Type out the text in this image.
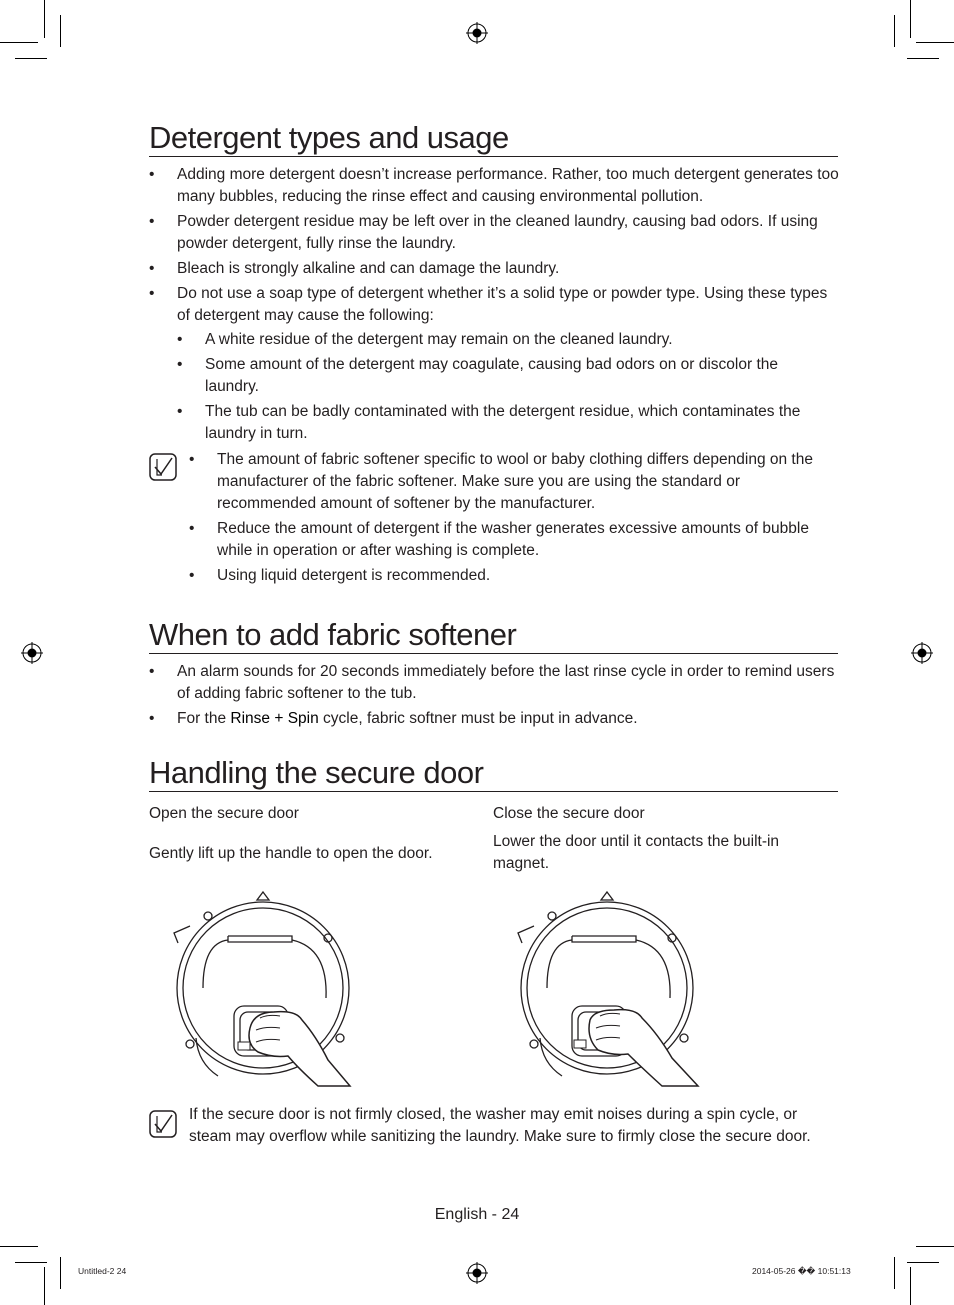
Detergent types and usage
• Adding more detergent doesn’t increase performance. Rather, too much detergent generates too many bubbles, reducing the rinse effect and causing environmental pollution.
• Powder detergent residue may be left over in the cleaned laundry, causing bad odors. If using powder detergent, fully rinse the laundry.
• Bleach is strongly alkaline and can damage the laundry.
• Do not use a soap type of detergent whether it’s a solid type or powder type. Using these types of detergent may cause the following:
• A white residue of the detergent may remain on the cleaned laundry.
• Some amount of the detergent may coagulate, causing bad odors on or discolor the laundry.
• The tub can be badly contaminated with the detergent residue, which contaminates the laundry in turn.
• The amount of fabric softener specific to wool or baby clothing differs depending on the manufacturer of the fabric softener. Make sure you are using the standard or recommended amount of softener by the manufacturer.
• Reduce the amount of detergent if the washer generates excessive amounts of bubble while in operation or after washing is complete.
• Using liquid detergent is recommended.
When to add fabric softener
• An alarm sounds for 20 seconds immediately before the last rinse cycle in order to remind users of adding fabric softener to the tub.
• For the Rinse + Spin cycle, fabric softner must be input in advance.
Handling the secure door
Open the secure door

Gently lift up the handle to open the door.

Close the secure door

Lower the door until it contacts the built-in magnet.

If the secure door is not firmly closed, the washer may emit noises during a spin cycle, or steam may overflow while sanitizing the laundry. Make sure to firmly close the secure door.

English - 24
Untitled-2 24	2014-05-26 �� 10:51:13
